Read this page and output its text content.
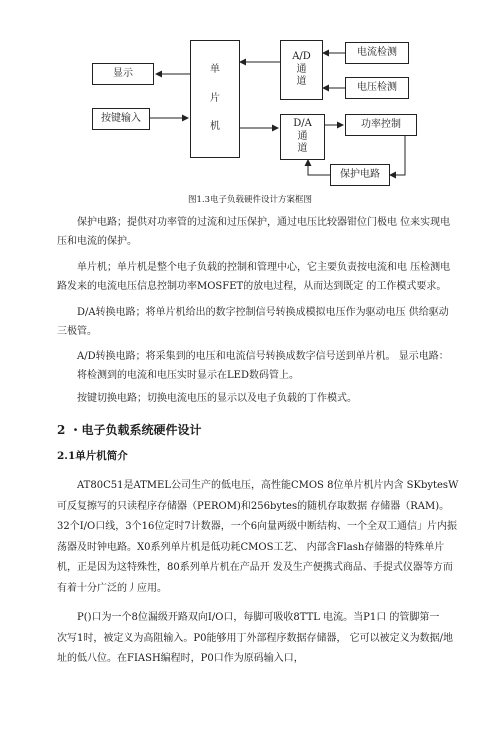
显示
按键输入
单
片
机
A/D
通
道
D/A
通
道
电流检测
电压检测
功率控制
保护电路
图1.3电子负载硬件设计方案框图
保护电路；提供对功率管的过流和过压保护，通过电压比较器钳位门极电 位来实现电
压和电流的保护。
单片机；单片机是整个电子负载的控制和管理中心，它主要负责按电流和电 压检测电
路发来的电流电压信息控制功率MOSFET的放电过程，从而达到既定 的工作模式要求。
D/A转换电路；将单片机给出的数字控制信号转换成模拟电压作为驱动电压 供给驱动
三极管。
A/D转换电路；将采集到的电压和电流信号转换成数字信号送到单片机。 显示电路：
将检测到的电流和电压实时显示在LED数码管上。
按键切换电路；切换电流电压的显示以及电子负载的丁作模式。
2 ・电子负载系统硬件设计
2.1单片机简介
AT80C51是ATMEL公司生产的低电压，高性能CMOS 8位单片机片内含 SKbytesW
可反复擦写的只读程序存储器（PEROM)和256bytes的随机存取数据 存储器（RAM)。
32个I/O口线，3个16位定时7计数器，一个6向量两级中断结构、一个全双工通信」片内振
荡器及时钟电路。X0系列单片机是低功耗CMOS工艺、 内部含Flash存储器的特殊单片
机，正是因为这特殊性，80系列单片机在产品开 发及生产便携式商品、手提式仪器等方而
有着十分广泛的丿应用。
P()口为一个8位漏级开路双向I/O口，每脚可吸收8TTL 电流。当P1口 的管脚第一
次写1时，被定义为高阻输入。P0能够用丁外部程序数据存储器， 它可以被定义为数据/地
址的低八位。在FIASH编程时，P0口作为原码输入口，
